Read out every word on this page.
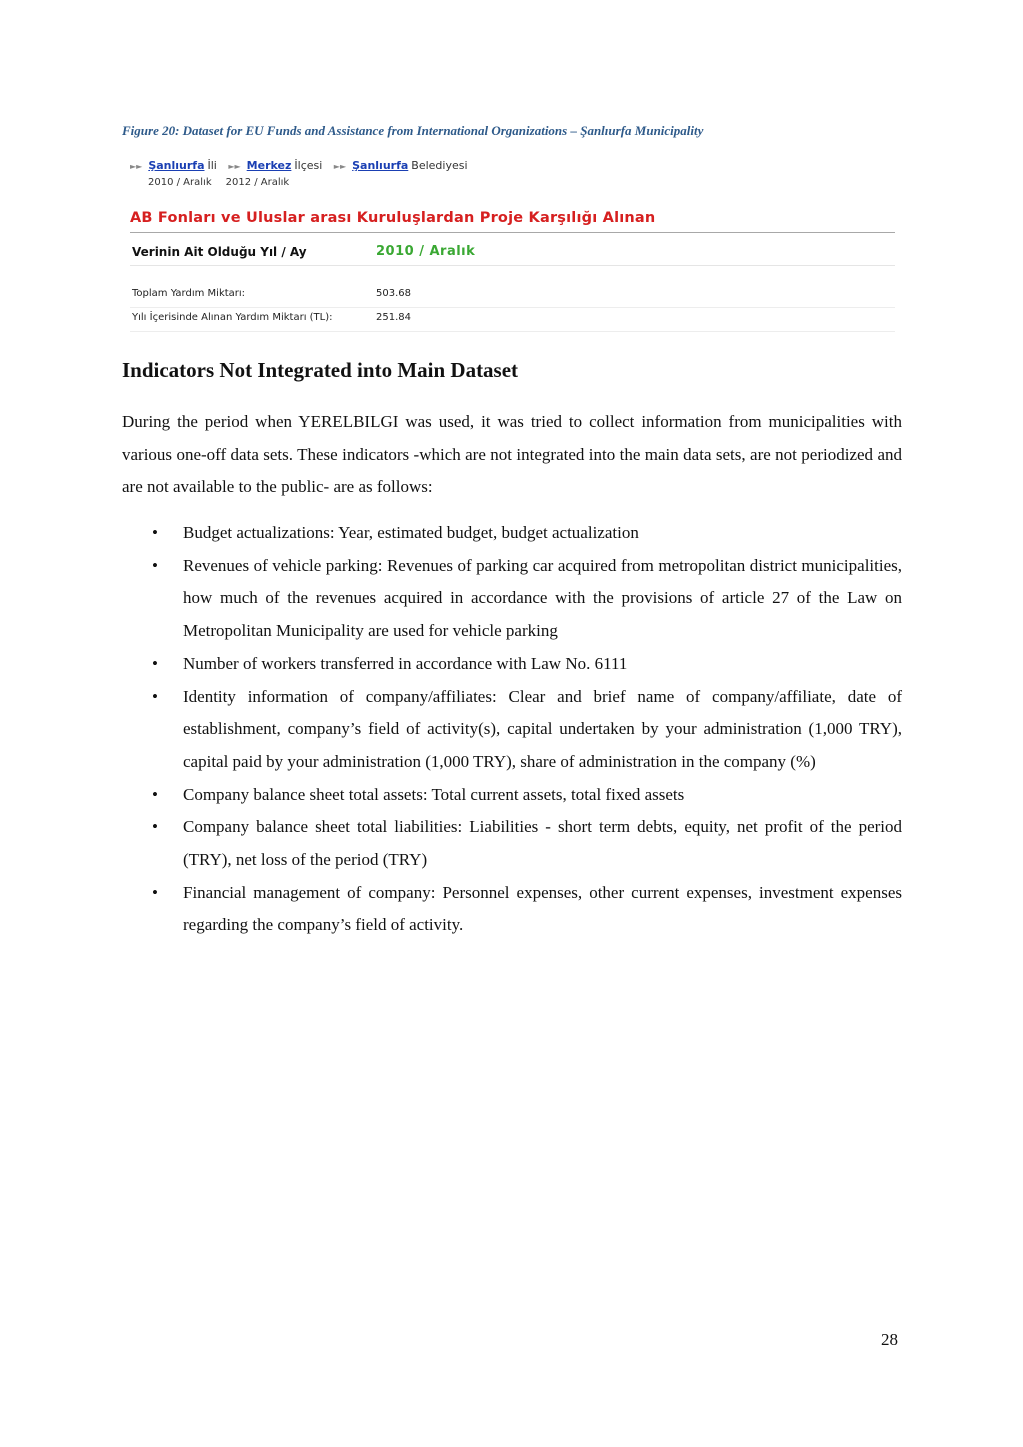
Figure 20: Dataset for EU Funds and Assistance from International Organizations – Şanlıurfa Municipality
►► Şanlıurfa İli ►► Merkez İlçesi ►► Şanlıurfa Belediyesi
2010 / Aralık 2012 / Aralık
AB Fonları ve Uluslar arası Kuruluşlardan Proje Karşılığı Alınan
Verinin Ait Olduğu Yıl / Ay	2010 / Aralık
Toplam Yardım Miktarı:	503.68
Yılı İçerisinde Alınan Yardım Miktarı (TL):	251.84
Indicators Not Integrated into Main Dataset
During the period when YERELBILGI was used, it was tried to collect information from municipalities with various one-off data sets. These indicators -which are not integrated into the main data sets, are not periodized and are not available to the public- are as follows:
• Budget actualizations: Year, estimated budget, budget actualization
• Revenues of vehicle parking: Revenues of parking car acquired from metropolitan district municipalities, how much of the revenues acquired in accordance with the provisions of article 27 of the Law on Metropolitan Municipality are used for vehicle parking
• Number of workers transferred in accordance with Law No. 6111
• Identity information of company/affiliates: Clear and brief name of company/affiliate, date of establishment, company’s field of activity(s), capital undertaken by your administration (1,000 TRY), capital paid by your administration (1,000 TRY), share of administration in the company (%)
• Company balance sheet total assets: Total current assets, total fixed assets
• Company balance sheet total liabilities: Liabilities - short term debts, equity, net profit of the period (TRY), net loss of the period (TRY)
• Financial management of company: Personnel expenses, other current expenses, investment expenses regarding the company’s field of activity.
28
